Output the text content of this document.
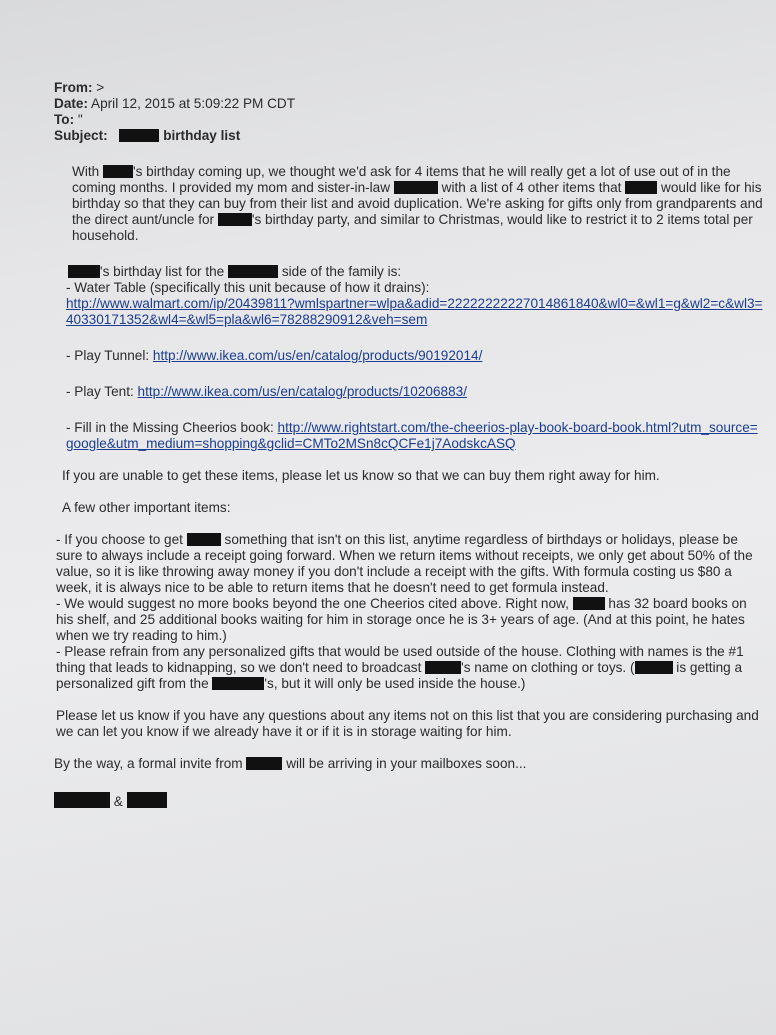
From: >
Date: April 12, 2015 at 5:09:22 PM CDT
To: "
Subject:	birthday list

With 's birthday coming up, we thought we'd ask for 4 items that he will really get a lot of use out of in the coming months. I provided my mom and sister-in-law	with a list of 4 other items that	would like for his birthday so that they can buy from their list and avoid duplication. We're asking for gifts only from grandparents and the direct aunt/uncle for	's birthday party, and similar to Christmas, would like to restrict it to 2 items total per household.

's birthday list for the	side of the family is:

- Water Table (specifically this unit because of how it drains):
http://www.walmart.com/ip/20439811?wmlspartner=wlpa&adid=22222222227014861840&wl0=&wl1=g&wl2=c&wl3=40330171352&wl4=&wl5=pla&wl6=78288290912&veh=sem
- Play Tunnel: http://www.ikea.com/us/en/catalog/products/90192014/
- Play Tent: http://www.ikea.com/us/en/catalog/products/10206883/
- Fill in the Missing Cheerios book: http://www.rightstart.com/the-cheerios-play-book-board-book.html?utm_source=google&utm_medium=shopping&gclid=CMTo2MSn8cQCFe1j7AodskcASQ

If you are unable to get these items, please let us know so that we can buy them right away for him.

A few other important items:

- If you choose to get	something that isn't on this list, anytime regardless of birthdays or holidays, please be sure to always include a receipt going forward. When we return items without receipts, we only get about 50% of the value, so it is like throwing away money if you don't include a receipt with the gifts. With formula costing us $80 a week, it is always nice to be able to return items that he doesn't need to get formula instead.

- We would suggest no more books beyond the one Cheerios cited above. Right now,	has 32 board books on his shelf, and 25 additional books waiting for him in storage once he is 3+ years of age. (And at this point, he hates when we try reading to him.)

- Please refrain from any personalized gifts that would be used outside of the house. Clothing with names is the #1 thing that leads to kidnapping, so we don't need to broadcast	's name on clothing or toys. (	is getting a personalized gift from the	's, but it will only be used inside the house.)

Please let us know if you have any questions about any items not on this list that you are considering purchasing and we can let you know if we already have it or if it is in storage waiting for him.

By the way, a formal invite from	will be arriving in your mailboxes soon...

&
